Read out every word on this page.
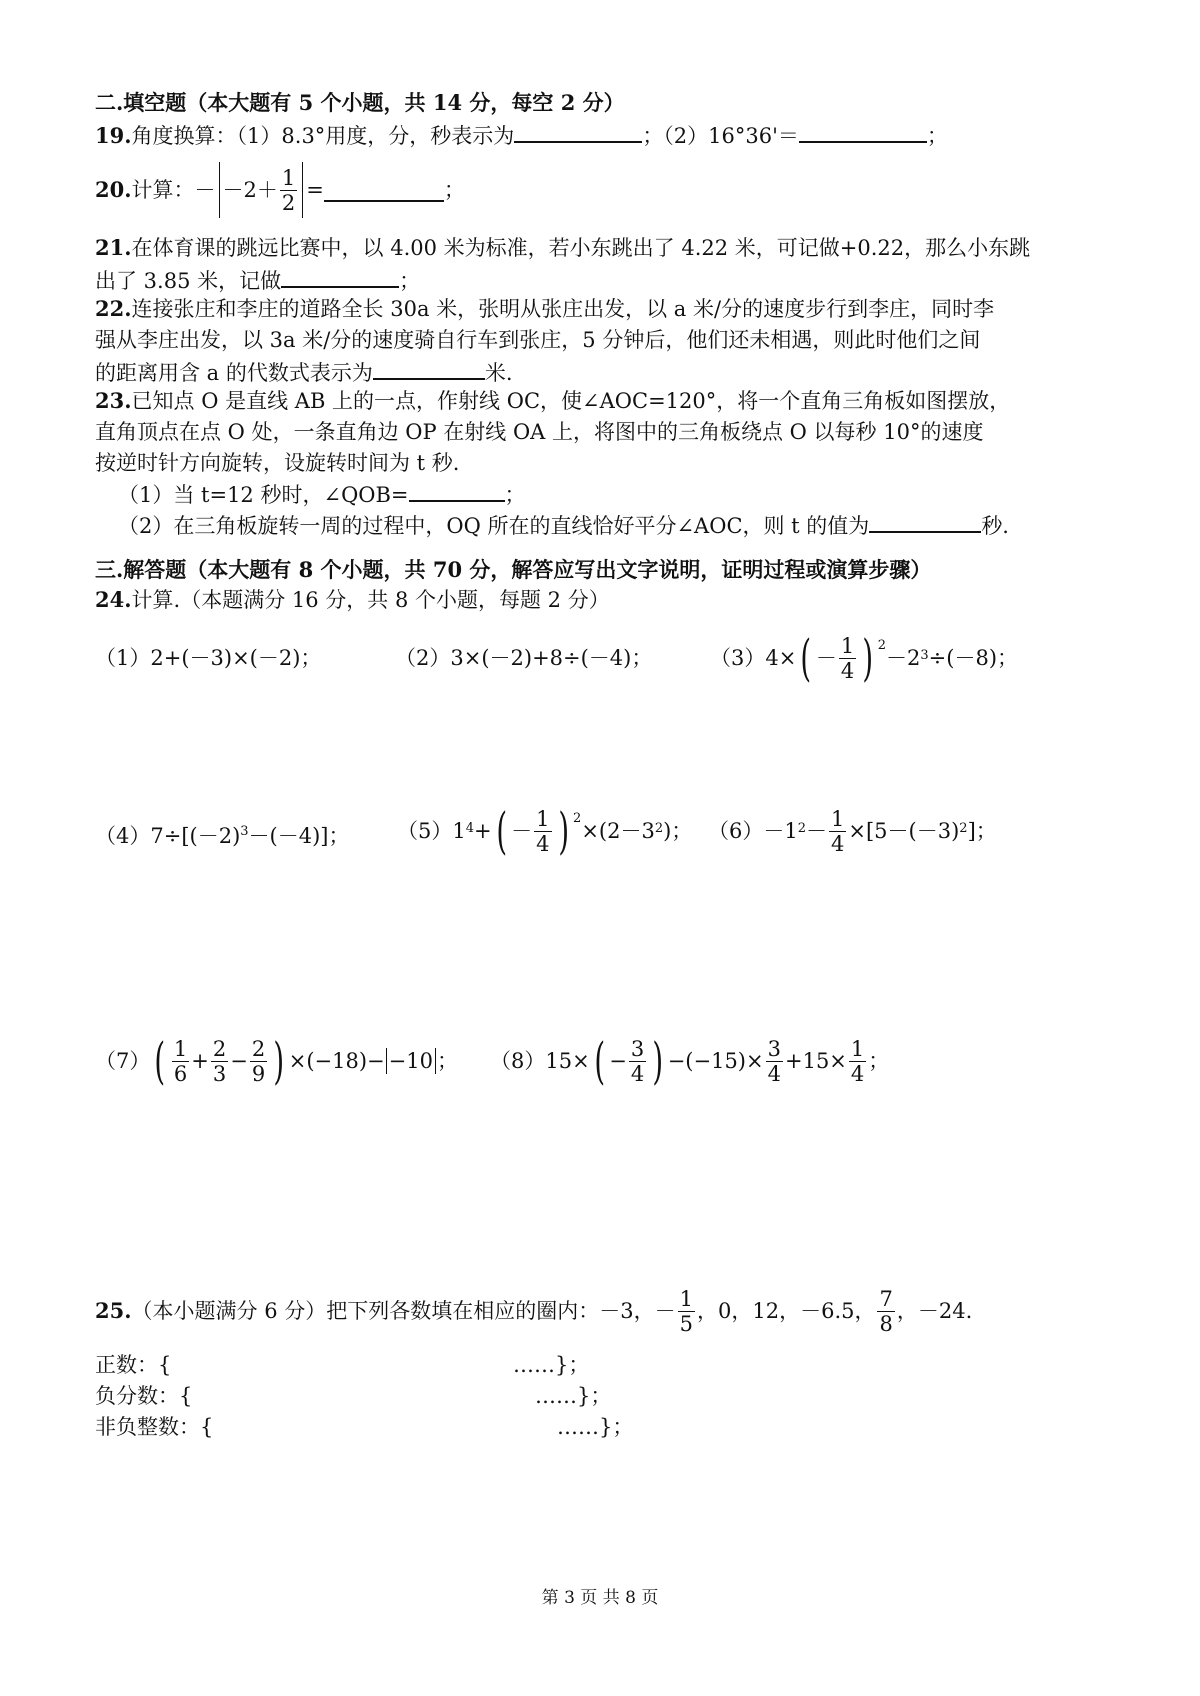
二.填空题（本大题有 5 个小题，共 14 分，每空 2 分）
19.角度换算：（1）8.3°用度，分，秒表示为	；（2）16°36'＝	；
20. 计算：－ $-2+ \frac{1}{2}$ =	；
21.在体育课的跳远比赛中，以 4.00 米为标准，若小东跳出了 4.22 米，可记做+0.22，那么小东跳
出了 3.85 米，记做	；
22.连接张庄和李庄的道路全长 30a 米，张明从张庄出发，以 a 米/分的速度步行到李庄，同时李
强从李庄出发，以 3a 米/分的速度骑自行车到张庄，5 分钟后，他们还未相遇，则此时他们之间
的距离用含 a 的代数式表示为	米.
23.已知点 O 是直线 AB 上的一点，作射线 OC，使∠AOC=120°，将一个直角三角板如图摆放，
直角顶点在点 O 处，一条直角边 OP 在射线 OA 上，将图中的三角板绕点 O 以每秒 10°的速度
按逆时针方向旋转，设旋转时间为 t 秒.
（1）当 t=12 秒时，∠QOB=	；
（2）在三角板旋转一周的过程中，OQ 所在的直线恰好平分∠AOC，则 t 的值为	秒.
三.解答题（本大题有 8 个小题，共 70 分，解答应写出文字说明，证明过程或演算步骤）
24.计算.（本题满分 16 分，共 8 个小题，每题 2 分）
（1）2+(－3)×(－2)；	（2）3×(－2)+8÷(－4)；	（3）4× ( － $\frac{1}{4}$ ) $^2$
－2 3 ÷(－8)；
$(4)7\div[(-2)^3-(-4)]$； （5）1 4 + ( － $\frac{1}{4}$ ) $^2$
×(2－3 2 )； （6）－1 $2 - \frac{1}{4} \times[5-(-3)$ 2 ]；
（7） ( $\frac{1}{6} + \frac{2}{3} - \frac{2}{9}$ ) ×(−18)− −10 ； （8）15× ( − $\frac{3}{4}$ ) $-(-15)\times \frac{3}{4} +15\times \frac{1}{4}$ ；
25. （本小题满分 6 分）把下列各数填在相应的圈内：－3，－ $\frac{1}{5}$ ，0，12，－6.5， $\frac{7}{8}$ ，－24.
正数：{	……}；
负分数：{	……}；
非负整数：{	……}；
第 3 页 共 8 页
